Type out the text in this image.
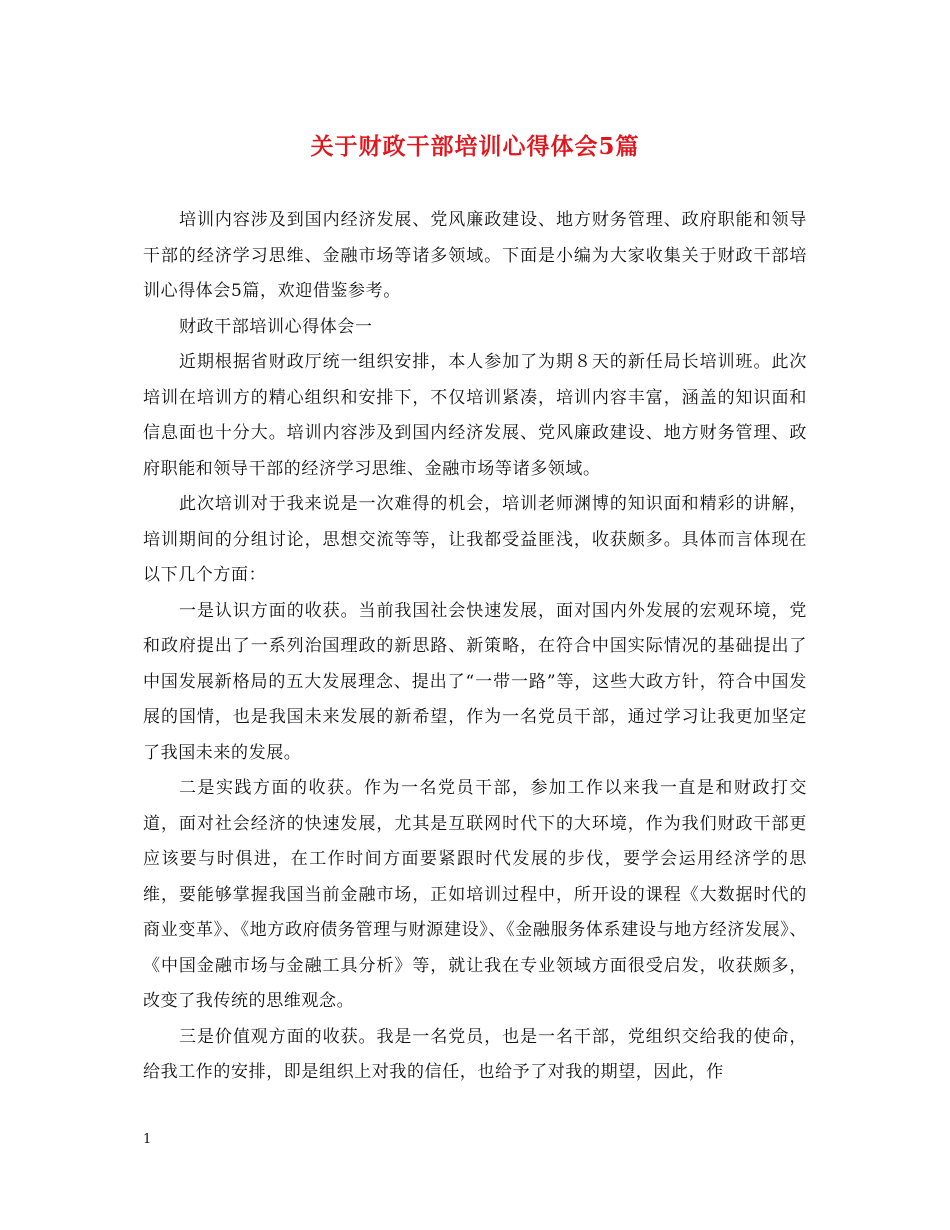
关于财政干部培训心得体会5篇

培训内容涉及到国内经济发展、党风廉政建设、地方财务管理、政府职能和领导干部的经济学习思维、金融市场等诸多领域。下面是小编为大家收集关于财政干部培训心得体会5篇，欢迎借鉴参考。

财政干部培训心得体会一

近期根据省财政厅统一组织安排，本人参加了为期８天的新任局长培训班。此次培训在培训方的精心组织和安排下，不仅培训紧凑，培训内容丰富，涵盖的知识面和信息面也十分大。培训内容涉及到国内经济发展、党风廉政建设、地方财务管理、政府职能和领导干部的经济学习思维、金融市场等诸多领域。

此次培训对于我来说是一次难得的机会，培训老师渊博的知识面和精彩的讲解，培训期间的分组讨论，思想交流等等，让我都受益匪浅，收获颇多。具体而言体现在以下几个方面：

一是认识方面的收获。当前我国社会快速发展，面对国内外发展的宏观环境，党和政府提出了一系列治国理政的新思路、新策略，在符合中国实际情况的基础提出了中国发展新格局的五大发展理念、提出了“一带一路”等，这些大政方针，符合中国发展的国情，也是我国未来发展的新希望，作为一名党员干部，通过学习让我更加坚定了我国未来的发展。

二是实践方面的收获。作为一名党员干部，参加工作以来我一直是和财政打交道，面对社会经济的快速发展，尤其是互联网时代下的大环境，作为我们财政干部更应该要与时俱进，在工作时间方面要紧跟时代发展的步伐，要学会运用经济学的思维，要能够掌握我国当前金融市场，正如培训过程中，所开设的课程《大数据时代的商业变革》、《地方政府债务管理与财源建设》、《金融服务体系建设与地方经济发展》、《中国金融市场与金融工具分析》等，就让我在专业领域方面很受启发，收获颇多，改变了我传统的思维观念。

三是价值观方面的收获。我是一名党员，也是一名干部，党组织交给我的使命，给我工作的安排，即是组织上对我的信任，也给予了对我的期望，因此，作

1
